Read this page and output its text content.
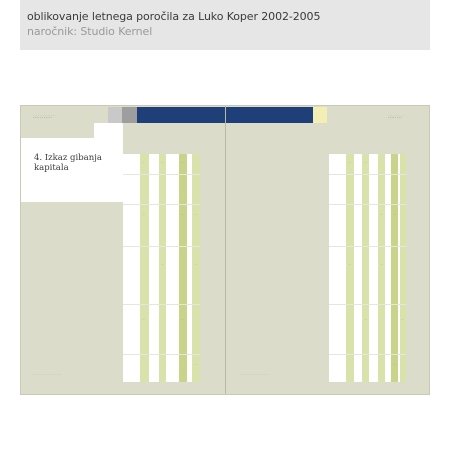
oblikovanje letnega poročila za Luko Koper 2002-2005
naročnik: Studio Kernel
· · · · · · · · · · · · · ·
· · · · · · · · · · ·
4. Izkaz gibanja kapitala	· · ·	· · ·	· · ·
· · ·	· · ·	· · ·
· · ·	· · ·
· · ·	· · ·
· · ·
· · · · · · · · · · · · · · · · · · · · ·
· · · · · · · · · ·
· · · · · · · ·
· · ·	· · ·
· · ·	· · ·
· · ·	· · ·
· · ·	· · ·
· · ·
· · · · · · · · · · · · · · · · · · · · ·
